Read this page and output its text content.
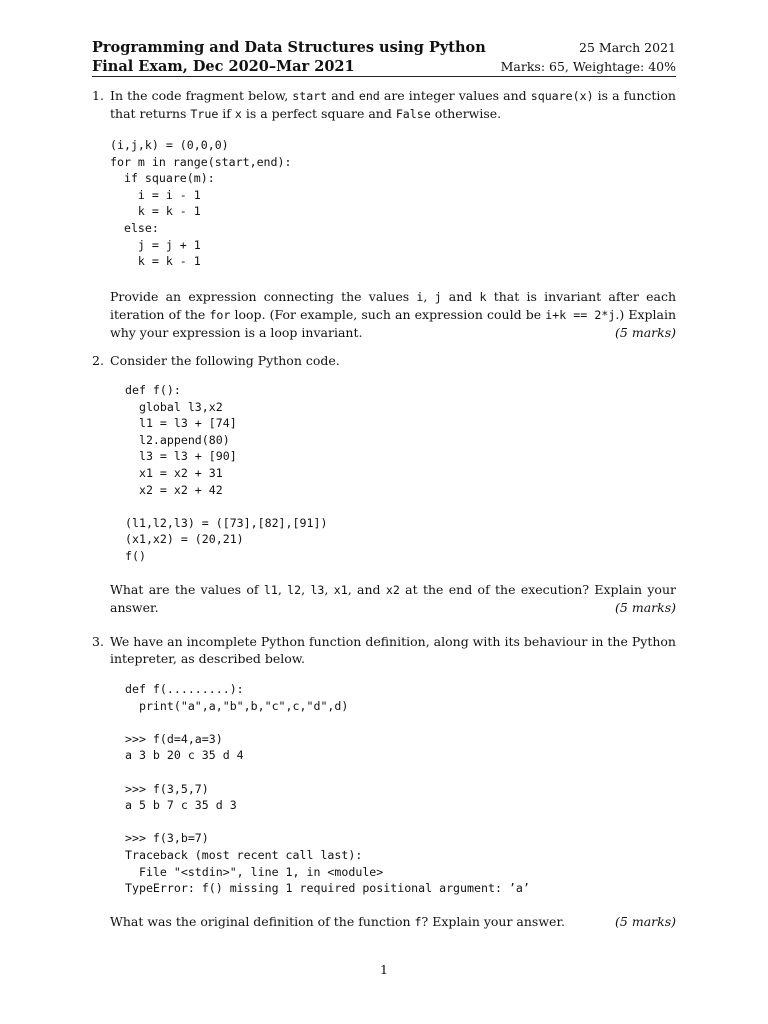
Programming and Data Structures using Python	25 March 2021
Final Exam, Dec 2020–Mar 2021	Marks: 65, Weightage: 40%
1. In the code fragment below, start and end are integer values and square(x) is a function that returns True if x is a perfect square and False otherwise.

(i,j,k) = (0,0,0)
for m in range(start,end):
if square(m):
i = i - 1
k = k - 1
else:
j = j + 1
k = k - 1

Provide an expression connecting the values i, j and k that is invariant after each iteration of the for loop. (For example, such an expression could be i+k == 2*j.) Explain why your expression is a loop invariant.	(5 marks)

2. Consider the following Python code.

def f():
global l3,x2
l1 = l3 + [74]
l2.append(80)
l3 = l3 + [90]
x1 = x2 + 31
x2 = x2 + 42

(l1,l2,l3) = ([73],[82],[91])
(x1,x2) = (20,21)
f()

What are the values of l1, l2, l3, x1, and x2 at the end of the execution? Explain your answer.	(5 marks)

3. We have an incomplete Python function definition, along with its behaviour in the Python intepreter, as described below.

def f(.........):
print("a",a,"b",b,"c",c,"d",d)

>>> f(d=4,a=3)
a 3 b 20 c 35 d 4

>>> f(3,5,7)
a 5 b 7 c 35 d 3

>>> f(3,b=7)
Traceback (most recent call last):
File "<stdin>", line 1, in <module>
TypeError: f() missing 1 required positional argument: ’a’

What was the original definition of the function f? Explain your answer.	(5 marks)

1
